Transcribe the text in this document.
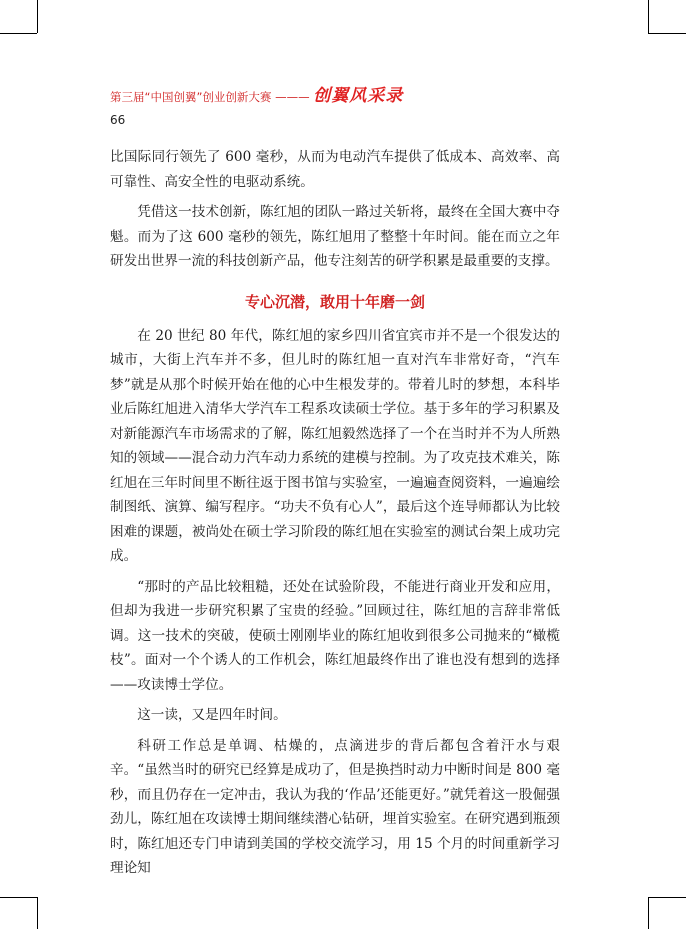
第三届“中国创翼”创业创新大赛 ——— 创翼风采录
66

比国际同行领先了 600 毫秒，从而为电动汽车提供了低成本、高效率、高可靠性、高安全性的电驱动系统。

凭借这一技术创新，陈红旭的团队一路过关斩将，最终在全国大赛中夺魁。而为了这 600 毫秒的领先，陈红旭用了整整十年时间。能在而立之年研发出世界一流的科技创新产品，他专注刻苦的研学积累是最重要的支撑。

专心沉潜，敢用十年磨一剑

在 20 世纪 80 年代，陈红旭的家乡四川省宜宾市并不是一个很发达的城市，大街上汽车并不多，但儿时的陈红旭一直对汽车非常好奇，“汽车梦”就是从那个时候开始在他的心中生根发芽的。带着儿时的梦想，本科毕业后陈红旭进入清华大学汽车工程系攻读硕士学位。基于多年的学习积累及对新能源汽车市场需求的了解，陈红旭毅然选择了一个在当时并不为人所熟知的领域——混合动力汽车动力系统的建模与控制。为了攻克技术难关，陈红旭在三年时间里不断往返于图书馆与实验室，一遍遍查阅资料，一遍遍绘制图纸、演算、编写程序。“功夫不负有心人”，最后这个连导师都认为比较困难的课题，被尚处在硕士学习阶段的陈红旭在实验室的测试台架上成功完成。

“那时的产品比较粗糙，还处在试验阶段，不能进行商业开发和应用，但却为我进一步研究积累了宝贵的经验。”回顾过往，陈红旭的言辞非常低调。这一技术的突破，使硕士刚刚毕业的陈红旭收到很多公司抛来的“橄榄枝”。面对一个个诱人的工作机会，陈红旭最终作出了谁也没有想到的选择——攻读博士学位。

这一读，又是四年时间。

科研工作总是单调、枯燥的，点滴进步的背后都包含着汗水与艰辛。“虽然当时的研究已经算是成功了，但是换挡时动力中断时间是 800 毫秒，而且仍存在一定冲击，我认为我的‘作品’还能更好。”就凭着这一股倔强劲儿，陈红旭在攻读博士期间继续潜心钻研，埋首实验室。在研究遇到瓶颈时，陈红旭还专门申请到美国的学校交流学习，用 15 个月的时间重新学习理论知
